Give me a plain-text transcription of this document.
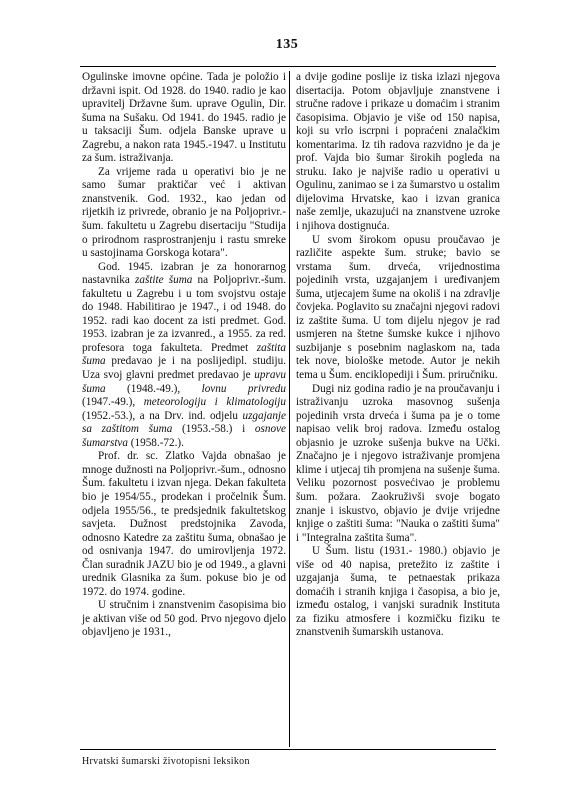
135

Ogulinske imovne općine. Tada je položio i državni ispit. Od 1928. do 1940. radio je kao upravitelj Državne šum. uprave Ogulin, Dir. šuma na Sušaku. Od 1941. do 1945. radio je u taksaciji Šum. odjela Banske uprave u Zagrebu, a nakon rata 1945.-1947. u Institutu za šum. istraživanja.

Za vrijeme rada u operativi bio je ne samo šumar praktičar već i aktivan znanstvenik. God. 1932., kao jedan od rijetkih iz privrede, obranio je na Poljoprivr.-šum. fakultetu u Zagrebu disertaciju "Studija o prirodnom rasprostranjenju i rastu smreke u sastojinama Gorskoga kotara".

God. 1945. izabran je za honorarnog nastavnika zaštite šuma na Poljoprivr.-šum. fakultetu u Zagrebu i u tom svojstvu ostaje do 1948. Habilitirao je 1947., i od 1948. do 1952. radi kao docent za isti predmet. God. 1953. izabran je za izvanred., a 1955. za red. profesora toga fakulteta. Predmet zaštita šuma predavao je i na poslijedipl. studiju. Uza svoj glavni predmet predavao je upravu šuma (1948.-49.), lovnu privredu (1947.-49.), meteorologiju i klimatologiju (1952.-53.), a na Drv. ind. odjelu uzgajanje sa zaštitom šuma (1953.-58.) i osnove šumarstva (1958.-72.).

Prof. dr. sc. Zlatko Vajda obnašao je mnoge dužnosti na Poljoprivr.-šum., odnosno Šum. fakultetu i izvan njega. Dekan fakulteta bio je 1954/55., prodekan i pročelnik Šum. odjela 1955/56., te predsjednik fakultetskog savjeta. Dužnost predstojnika Zavoda, odnosno Katedre za zaštitu šuma, obnašao je od osnivanja 1947. do umirovljenja 1972. Član suradnik JAZU bio je od 1949., a glavni urednik Glasnika za šum. pokuse bio je od 1972. do 1974. godine.

U stručnim i znanstvenim časopisima bio je aktivan više od 50 god. Prvo njegovo djelo objavljeno je 1931.,

a dvije godine poslije iz tiska izlazi njegova disertacija. Potom objavljuje znanstvene i stručne radove i prikaze u domaćim i stranim časopisima. Objavio je više od 150 napisa, koji su vrlo iscrpni i popraćeni znalačkim komentarima. Iz tih radova razvidno je da je prof. Vajda bio šumar širokih pogleda na struku. Iako je najviše radio u operativi u Ogulinu, zanimao se i za šumarstvo u ostalim dijelovima Hrvatske, kao i izvan granica naše zemlje, ukazujući na znanstvene uzroke i njihova dostignuća.

U svom širokom opusu proučavao je različite aspekte šum. struke; bavio se vrstama šum. drveća, vrijednostima pojedinih vrsta, uzgajanjem i uređivanjem šuma, utjecajem šume na okoliš i na zdravlje čovjeka. Poglavito su značajni njegovi radovi iz zaštite šuma. U tom dijelu njegov je rad usmjeren na štetne šumske kukce i njihovo suzbijanje s posebnim naglaskom na, tada tek nove, biološke metode. Autor je nekih tema u Šum. enciklopediji i Šum. priručniku.

Dugi niz godina radio je na proučavanju i istraživanju uzroka masovnog sušenja pojedinih vrsta drveća i šuma pa je o tome napisao velik broj radova. Između ostalog objasnio je uzroke sušenja bukve na Učki. Značajno je i njegovo istraživanje promjena klime i utjecaj tih promjena na sušenje šuma. Veliku pozornost posvećivao je problemu šum. požara. Zaokruživši svoje bogato znanje i iskustvo, objavio je dvije vrijedne knjige o zaštiti šuma: "Nauka o zaštiti šuma" i "Integralna zaštita šuma".

U Šum. listu (1931.- 1980.) objavio je više od 40 napisa, pretežito iz zaštite i uzgajanja šuma, te petnaestak prikaza domaćih i stranih knjiga i časopisa, a bio je, između ostalog, i vanjski suradnik Instituta za fiziku atmosfere i kozmičku fiziku te znanstvenih šumarskih ustanova.

Hrvatski šumarski životopisni leksikon
